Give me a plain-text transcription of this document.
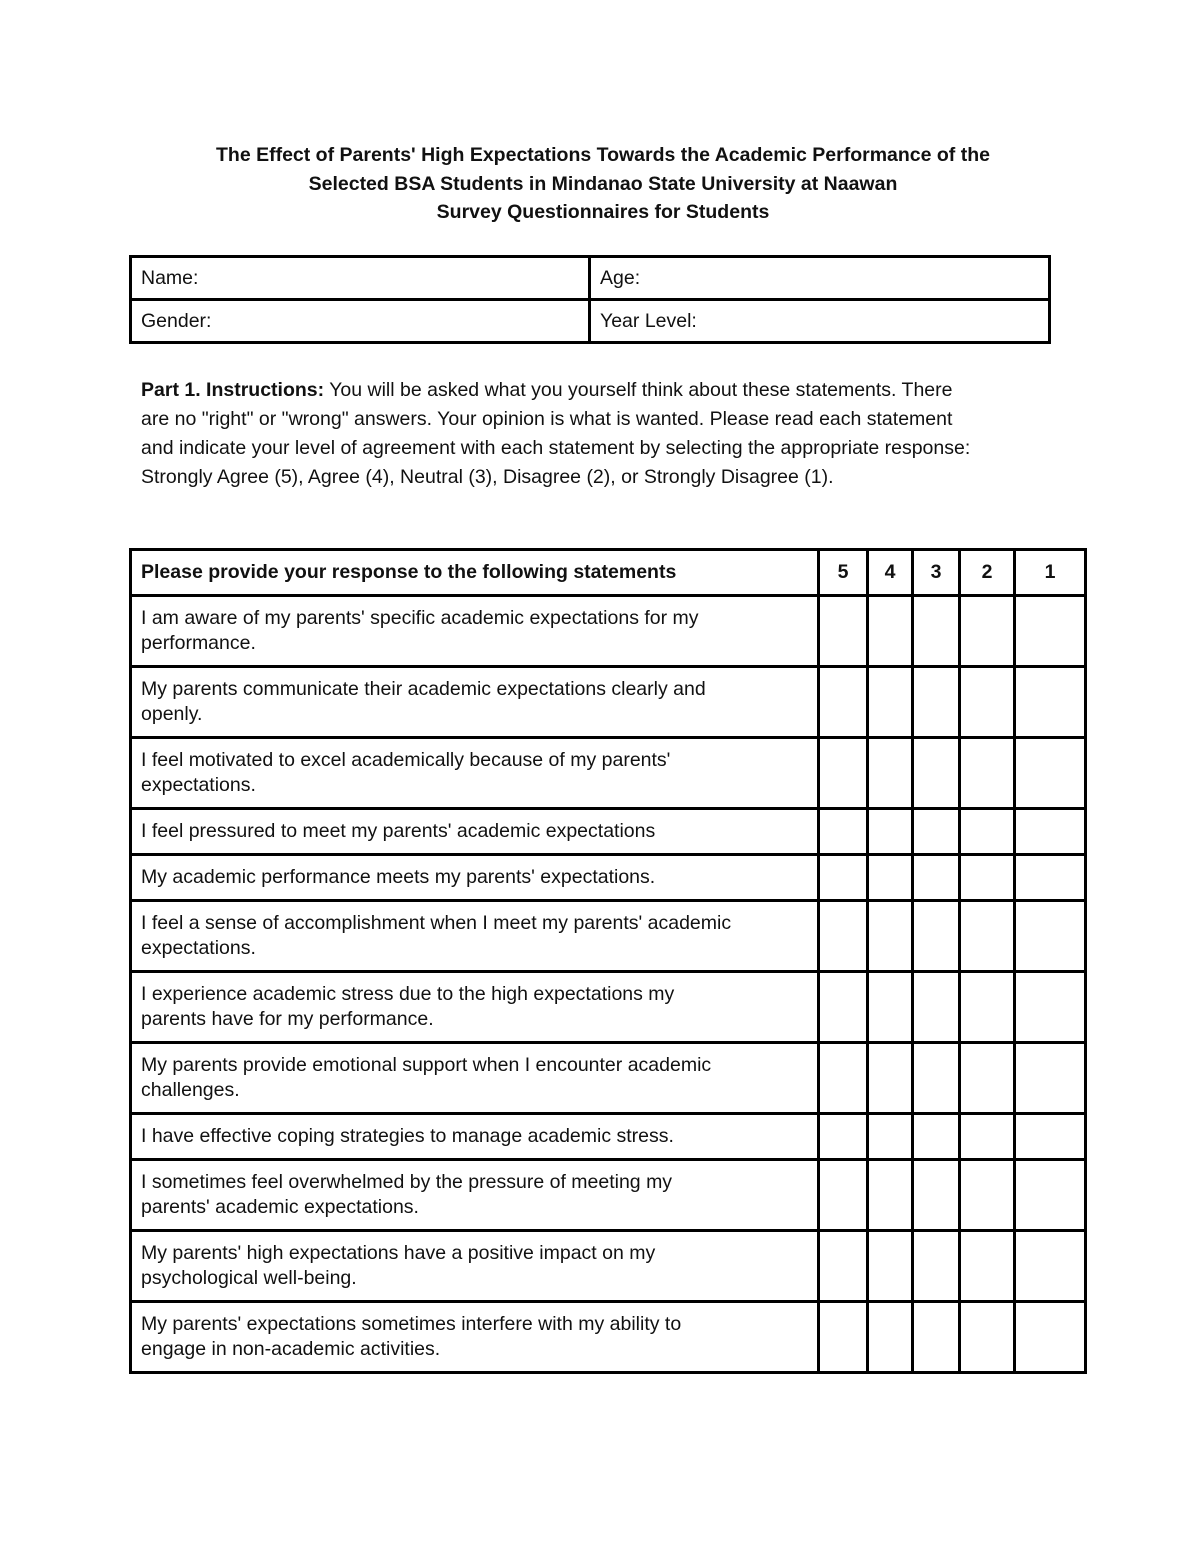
The Effect of Parents' High Expectations Towards the Academic Performance of the
Selected BSA Students in Mindanao State University at Naawan
Survey Questionnaires for Students
Name:	Age:
Gender:	Year Level:
Part 1. Instructions: You will be asked what you yourself think about these statements. There
are no "right" or "wrong" answers. Your opinion is what is wanted. Please read each statement
and indicate your level of agreement with each statement by selecting the appropriate response:
Strongly Agree (5), Agree (4), Neutral (3), Disagree (2), or Strongly Disagree (1).
Please provide your response to the following statements	5	4	3	2	1

I am aware of my parents' specific academic expectations for my
performance.					

My parents communicate their academic expectations clearly and
openly.					

I feel motivated to excel academically because of my parents'
expectations.					

I feel pressured to meet my parents' academic expectations					

My academic performance meets my parents' expectations.					

I feel a sense of accomplishment when I meet my parents' academic
expectations.					

I experience academic stress due to the high expectations my
parents have for my performance.					

My parents provide emotional support when I encounter academic
challenges.					

I have effective coping strategies to manage academic stress.					

I sometimes feel overwhelmed by the pressure of meeting my
parents' academic expectations.					

My parents' high expectations have a positive impact on my
psychological well-being.					

My parents' expectations sometimes interfere with my ability to
engage in non-academic activities.					
